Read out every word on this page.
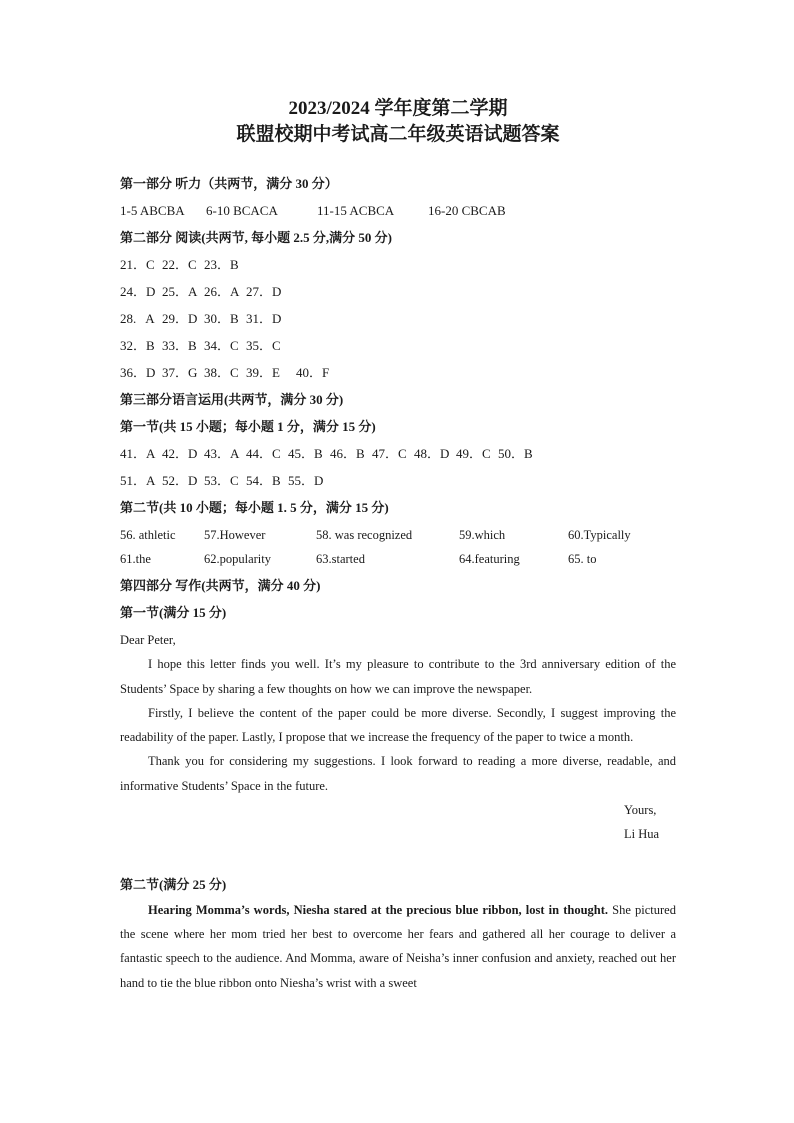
2023/2024 学年度第二学期
联盟校期中考试高二年级英语试题答案
第一部分 听力（共两节，满分 30 分）
1-5 ABCBA 6-10 BCACA	11-15 ACBCA	16-20 CBCAB
第二部分 阅读(共两节, 每小题 2.5 分,满分 50 分)
21．C 22．C 23．B
24．D 25．A 26．A 27．D
28.   A 29．D 30．B 31．D
32．B 33．B 34．C 35．C
36．D 37．G 38．C 39．E 40．F
第三部分语言运用(共两节，满分 30 分)
第一节(共 15 小题；每小题 1 分，满分 15 分)
41．A 42．D 43．A 44．C 45．B 46．B 47．C 48．D 49．C 50．B
51．A 52．D 53．C 54．B 55．D
第二节(共 10 小题；每小题 1. 5 分，满分 15 分)
56. athletic	57.However	58. was recognized	59.which	60.Typically
61.the	62.popularity	63.started	64.featuring	65. to
第四部分 写作(共两节，满分 40 分)
第一节(满分 15 分)

Dear Peter,

I hope this letter finds you well. It’s my pleasure to contribute to the 3rd anniversary edition of the Students’ Space by sharing a few thoughts on how we can improve the newspaper.

Firstly, I believe the content of the paper could be more diverse. Secondly, I suggest improving the readability of the paper. Lastly, I propose that we increase the frequency of the paper to twice a month.

Thank you for considering my suggestions. I look forward to reading a more diverse, readable, and informative Students’ Space in the future.

Yours,
Li Hua
第二节(满分 25 分)

Hearing Momma’s words, Niesha stared at the precious blue ribbon, lost in thought. She pictured the scene where her mom tried her best to overcome her fears and gathered all her courage to deliver a fantastic speech to the audience. And Momma, aware of Neisha’s inner confusion and anxiety, reached out her hand to tie the blue ribbon onto Niesha’s wrist with a sweet
